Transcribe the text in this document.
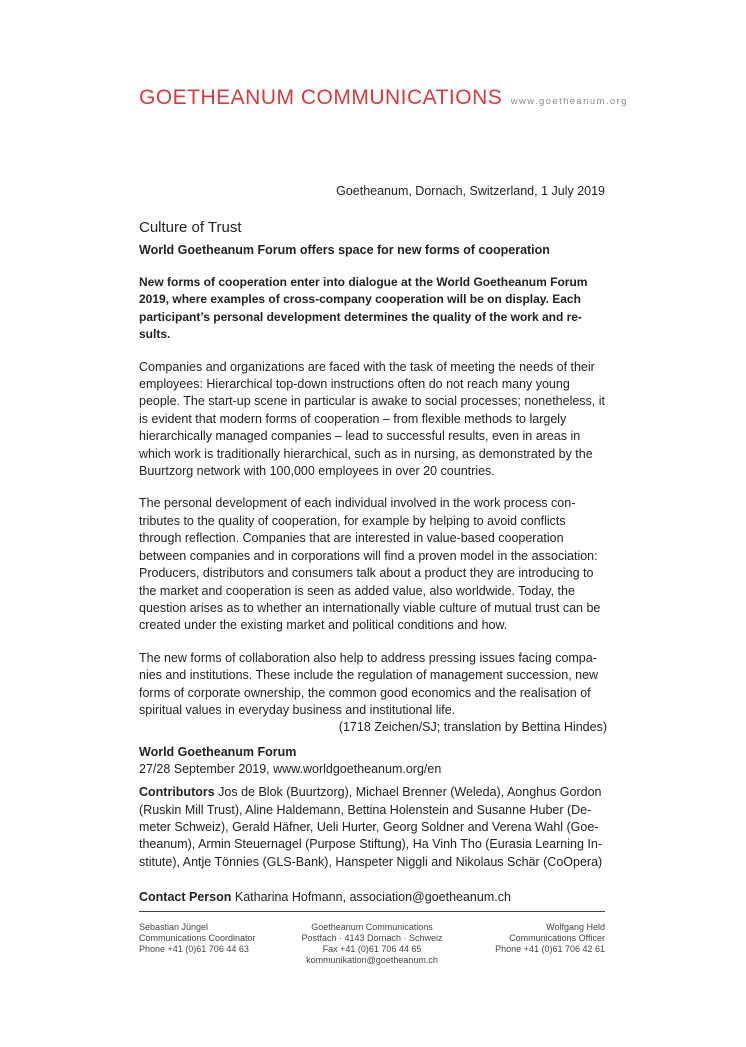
GOETHEANUM COMMUNICATIONS www.goetheanum.org
Goetheanum, Dornach, Switzerland, 1 July 2019
Culture of Trust
World Goetheanum Forum offers space for new forms of cooperation

New forms of cooperation enter into dialogue at the World Goetheanum Forum 2019, where examples of cross-company cooperation will be on display. Each participant’s personal development determines the quality of the work and re-sults.

Companies and organizations are faced with the task of meeting the needs of their employees: Hierarchical top-down instructions often do not reach many young people. The start-up scene in particular is awake to social processes; nonetheless, it is evident that modern forms of cooperation – from flexible methods to largely hierarchically managed companies – lead to successful results, even in areas in which work is traditionally hierarchical, such as in nursing, as demonstrated by the Buurtzorg network with 100,000 employees in over 20 countries.

The personal development of each individual involved in the work process con-tributes to the quality of cooperation, for example by helping to avoid conflicts through reflection. Companies that are interested in value-based cooperation between companies and in corporations will find a proven model in the association: Producers, distributors and consumers talk about a product they are introducing to the market and cooperation is seen as added value, also worldwide. Today, the question arises as to whether an internationally viable culture of mutual trust can be created under the existing market and political conditions and how.

The new forms of collaboration also help to address pressing issues facing compa-nies and institutions. These include the regulation of management succession, new forms of corporate ownership, the common good economics and the realisation of spiritual values in everyday business and institutional life.

(1718 Zeichen/SJ; translation by Bettina Hindes)

World Goetheanum Forum

27/28 September 2019, www.worldgoetheanum.org/en

Contributors Jos de Blok (Buurtzorg), Michael Brenner (Weleda), Aonghus Gordon (Ruskin Mill Trust), Aline Haldemann, Bettina Holenstein and Susanne Huber (De-meter Schweiz), Gerald Häfner, Ueli Hurter, Georg Soldner and Verena Wahl (Goe-theanum), Armin Steuernagel (Purpose Stiftung), Ha Vinh Tho (Eurasia Learning In-stitute), Antje Tönnies (GLS-Bank), Hanspeter Niggli and Nikolaus Schär (CoOpera)

Contact Person Katharina Hofmann, association@goetheanum.ch
Sebastian Jüngel
Communications Coordinator
Phone +41 (0)61 706 44 63
Goetheanum Communications
Postfach · 4143 Dornach · Schweiz
Fax +41 (0)61 706 44 65
kommunikation@goetheanum.ch
Wolfgang Held
Communications Officer
Phone +41 (0)61 706 42 61
